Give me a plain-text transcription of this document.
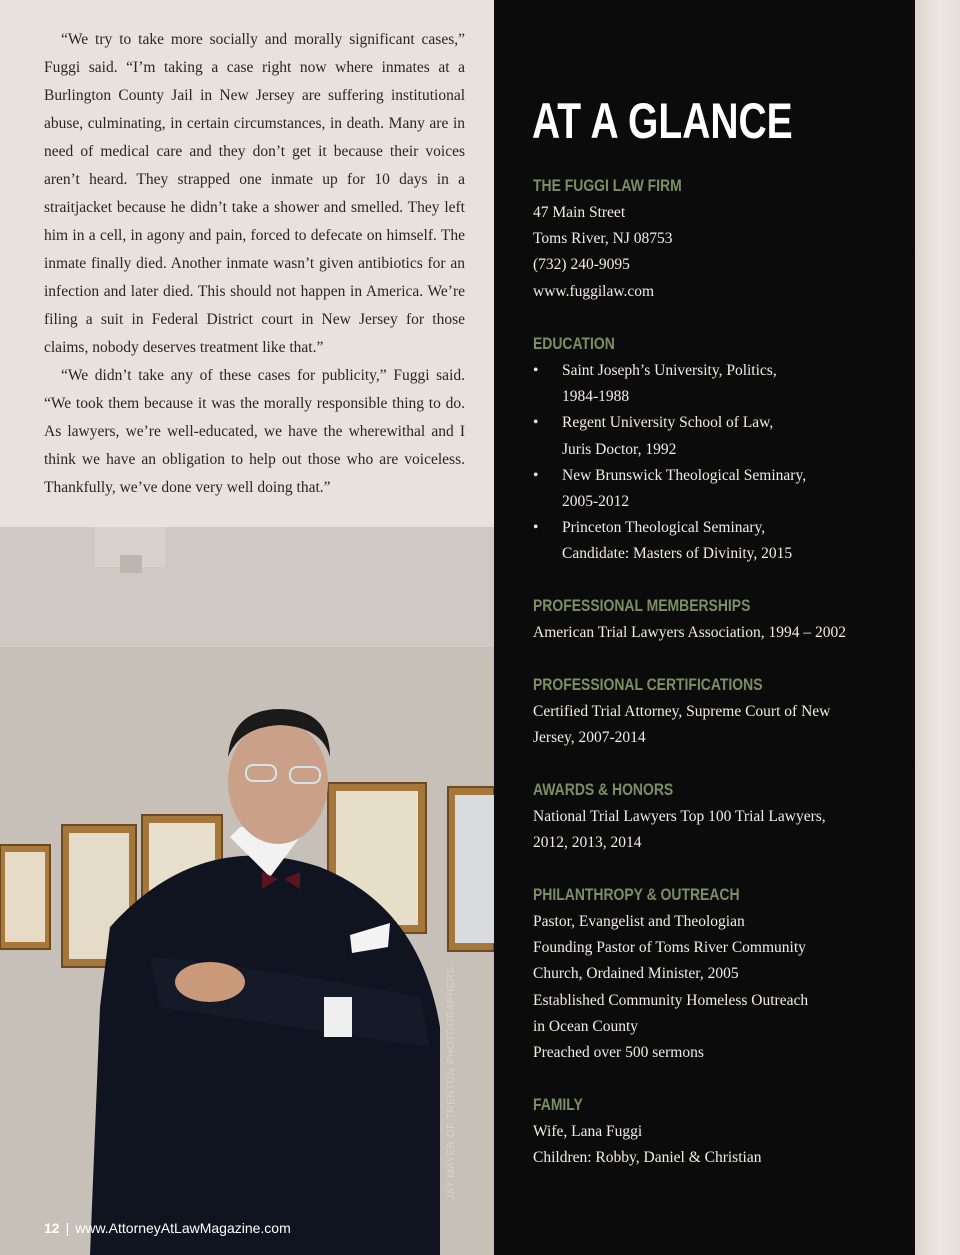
“We try to take more socially and morally significant cases,” Fuggi said. “I’m taking a case right now where inmates at a Burlington County Jail in New Jersey are suffering institutional abuse, culminating, in certain circumstances, in death. Many are in need of medical care and they don’t get it because their voices aren’t heard. They strapped one inmate up for 10 days in a straitjacket because he didn’t take a shower and smelled. They left him in a cell, in agony and pain, forced to defecate on himself. The inmate finally died. Another inmate wasn’t given antibiotics for an infection and later died. This should not happen in America. We’re filing a suit in Federal District court in New Jersey for those claims, nobody deserves treatment like that.”

“We didn’t take any of these cases for publicity,” Fuggi said. “We took them because it was the morally responsible thing to do. As lawyers, we’re well-educated, we have the wherewithal and I think we have an obligation to help out those who are voiceless. Thankfully, we’ve done very well doing that.”

JAY MAYER OF TRENTON PHOTOGRAPHERS
12 | www.AttorneyAtLawMagazine.com
AT A GLANCE
THE FUGGI LAW FIRM
47 Main Street
Toms River, NJ 08753
(732) 240-9095
www.fuggilaw.com
EDUCATION
• Saint Joseph’s University, Politics,
1984-1988
• Regent University School of Law,
Juris Doctor, 1992
• New Brunswick Theological Seminary,
2005-2012
• Princeton Theological Seminary,
Candidate: Masters of Divinity, 2015
PROFESSIONAL MEMBERSHIPS
American Trial Lawyers Association, 1994 – 2002
PROFESSIONAL CERTIFICATIONS
Certified Trial Attorney, Supreme Court of New
Jersey, 2007-2014
AWARDS & HONORS
National Trial Lawyers Top 100 Trial Lawyers,
2012, 2013, 2014
PHILANTHROPY & OUTREACH
Pastor, Evangelist and Theologian
Founding Pastor of Toms River Community
Church, Ordained Minister, 2005
Established Community Homeless Outreach
in Ocean County
Preached over 500 sermons
FAMILY
Wife, Lana Fuggi
Children: Robby, Daniel & Christian
